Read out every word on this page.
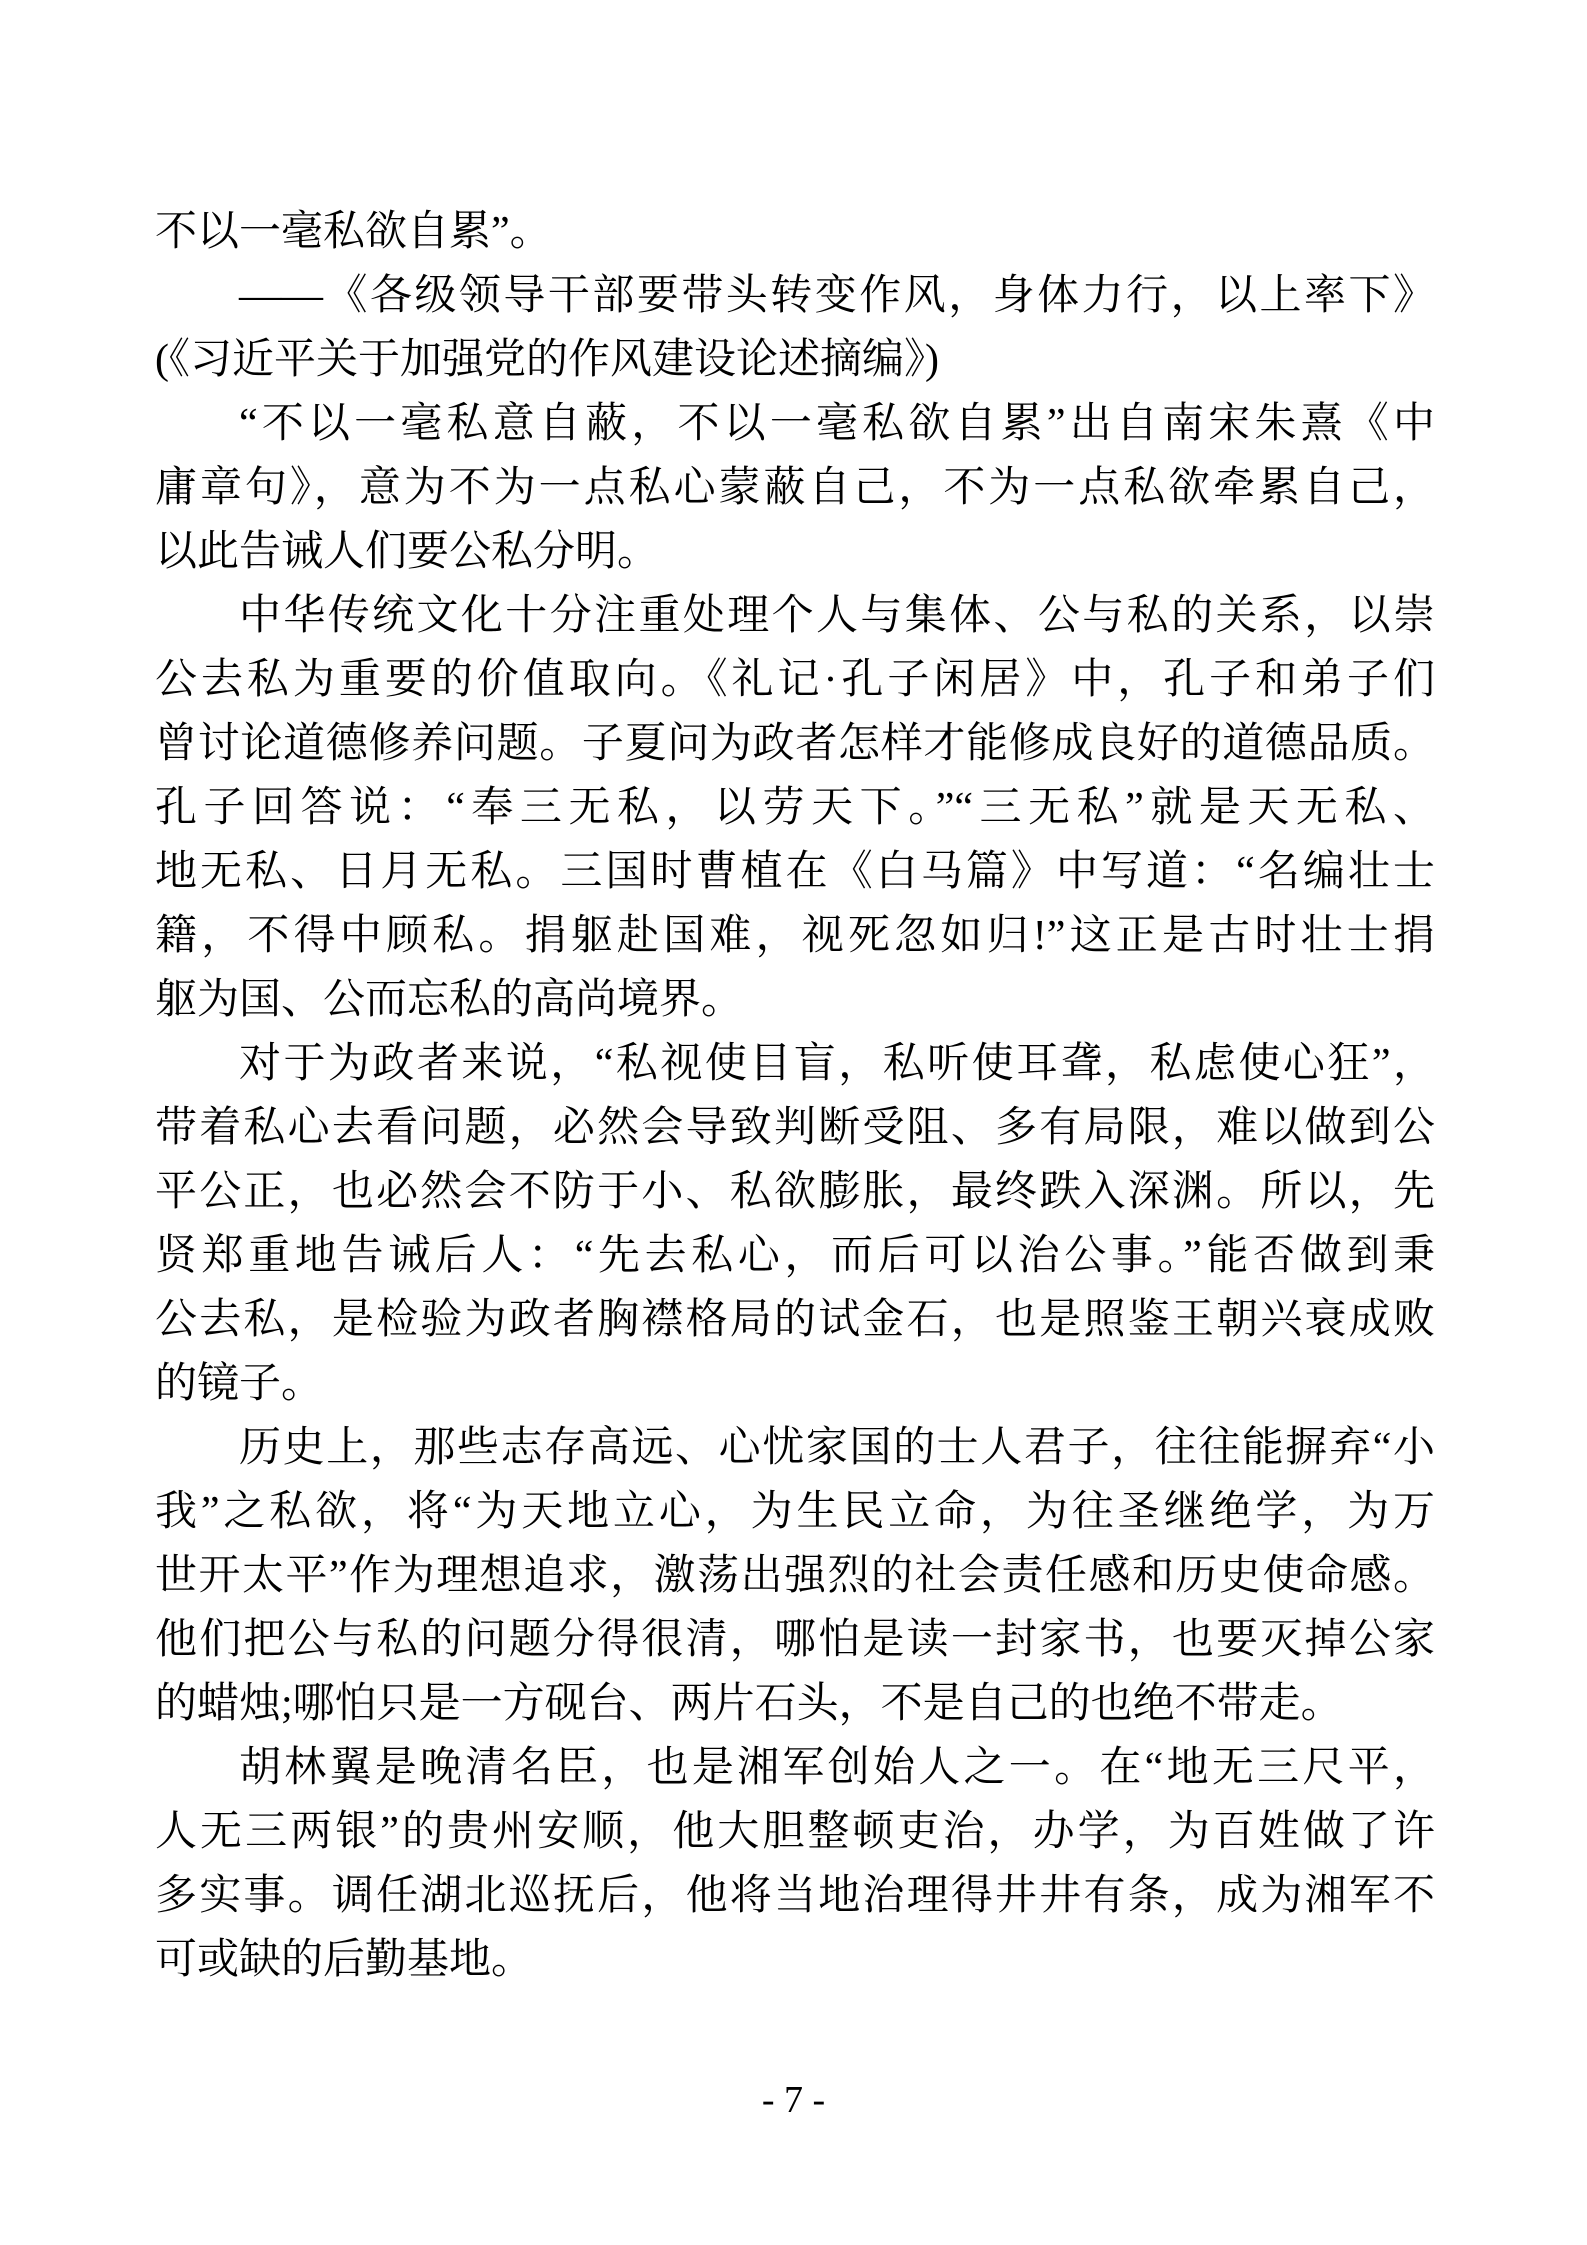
不以一毫私欲自累”。
——《各级领导干部要带头转变作风，身体力行，以上率下》
(《习近平关于加强党的作风建设论述摘编》)
“不以一毫私意自蔽，不以一毫私欲自累”出自南宋朱熹《中
庸章句》，意为不为一点私心蒙蔽自己，不为一点私欲牵累自己，
以此告诫人们要公私分明。
中华传统文化十分注重处理个人与集体、公与私的关系，以崇
公去私为重要的价值取向。《礼记·孔子闲居》中，孔子和弟子们
曾讨论道德修养问题。子夏问为政者怎样才能修成良好的道德品质。
孔子回答说：“奉三无私，以劳天下。”“三无私”就是天无私、
地无私、日月无私。三国时曹植在《白马篇》中写道：“名编壮士
籍，不得中顾私。捐躯赴国难，视死忽如归!”这正是古时壮士捐
躯为国、公而忘私的高尚境界。
对于为政者来说，“私视使目盲，私听使耳聋，私虑使心狂”，
带着私心去看问题，必然会导致判断受阻、多有局限，难以做到公
平公正，也必然会不防于小、私欲膨胀，最终跌入深渊。所以，先
贤郑重地告诫后人：“先去私心，而后可以治公事。”能否做到秉
公去私，是检验为政者胸襟格局的试金石，也是照鉴王朝兴衰成败
的镜子。
历史上，那些志存高远、心忧家国的士人君子，往往能摒弃“小
我”之私欲，将“为天地立心，为生民立命，为往圣继绝学，为万
世开太平”作为理想追求，激荡出强烈的社会责任感和历史使命感。
他们把公与私的问题分得很清，哪怕是读一封家书，也要灭掉公家
的蜡烛;哪怕只是一方砚台、两片石头，不是自己的也绝不带走。
胡林翼是晚清名臣，也是湘军创始人之一。在“地无三尺平，
人无三两银”的贵州安顺，他大胆整顿吏治，办学，为百姓做了许
多实事。调任湖北巡抚后，他将当地治理得井井有条，成为湘军不
可或缺的后勤基地。
- 7 -
